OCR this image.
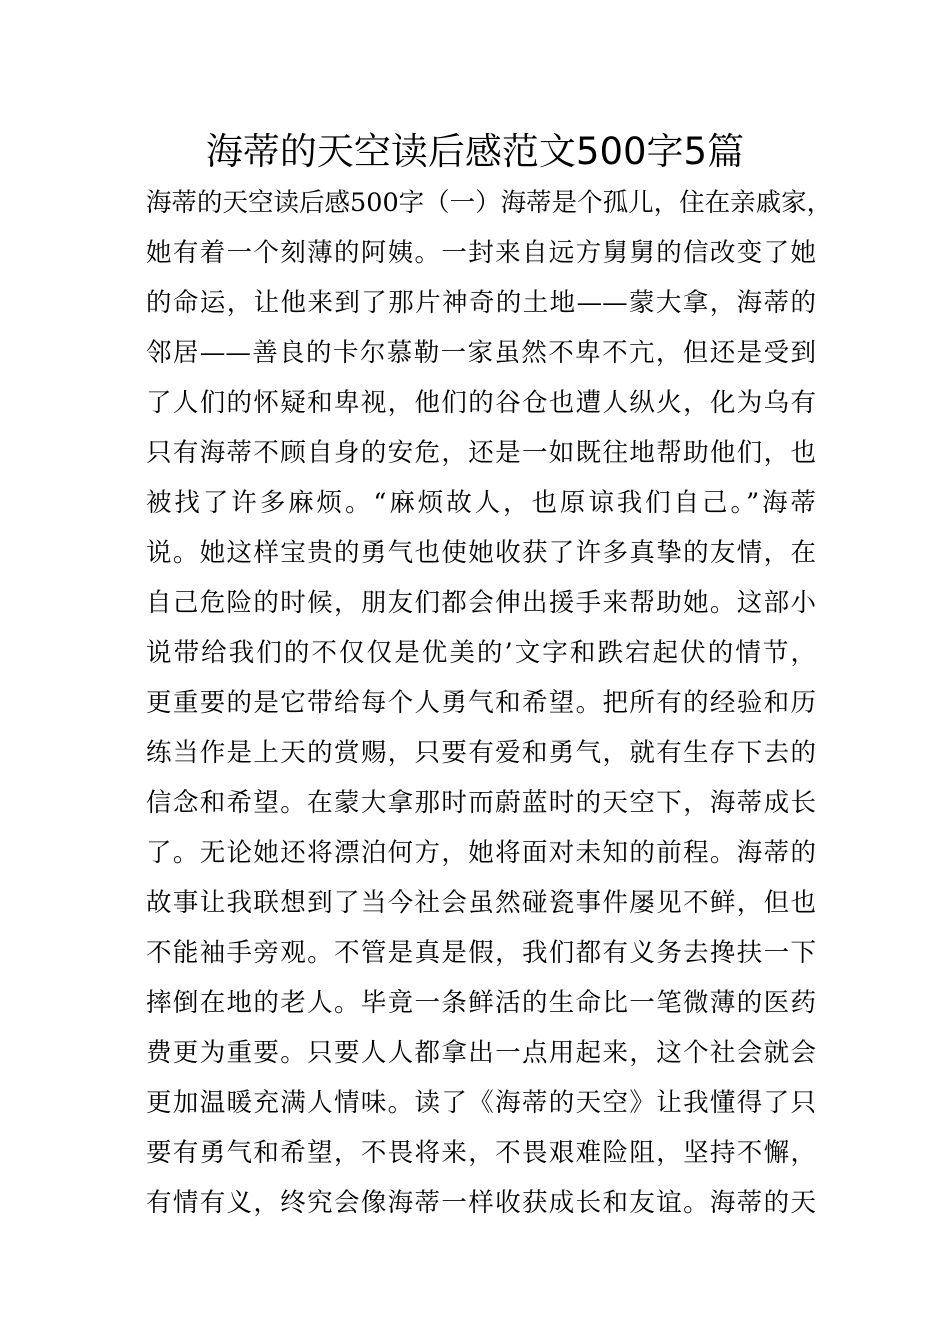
海蒂的天空读后感范文500字5篇
海蒂的天空读后感500字（一）海蒂是个孤儿，住在亲戚家，
她有着一个刻薄的阿姨。一封来自远方舅舅的信改变了她
的命运，让他来到了那片神奇的土地——蒙大拿，海蒂的
邻居——善良的卡尔慕勒一家虽然不卑不亢，但还是受到
了人们的怀疑和卑视，他们的谷仓也遭人纵火，化为乌有
只有海蒂不顾自身的安危，还是一如既往地帮助他们，也
被找了许多麻烦。“麻烦故人，也原谅我们自己。”海蒂
说。她这样宝贵的勇气也使她收获了许多真挚的友情，在
自己危险的时候，朋友们都会伸出援手来帮助她。这部小
说带给我们的不仅仅是优美的’文字和跌宕起伏的情节，
更重要的是它带给每个人勇气和希望。把所有的经验和历
练当作是上天的赏赐，只要有爱和勇气，就有生存下去的
信念和希望。在蒙大拿那时而蔚蓝时的天空下，海蒂成长
了。无论她还将漂泊何方，她将面对未知的前程。海蒂的
故事让我联想到了当今社会虽然碰瓷事件屡见不鲜，但也
不能袖手旁观。不管是真是假，我们都有义务去搀扶一下
摔倒在地的老人。毕竟一条鲜活的生命比一笔微薄的医药
费更为重要。只要人人都拿出一点用起来，这个社会就会
更加温暖充满人情味。读了《海蒂的天空》让我懂得了只
要有勇气和希望，不畏将来，不畏艰难险阻，坚持不懈，
有情有义，终究会像海蒂一样收获成长和友谊。海蒂的天
